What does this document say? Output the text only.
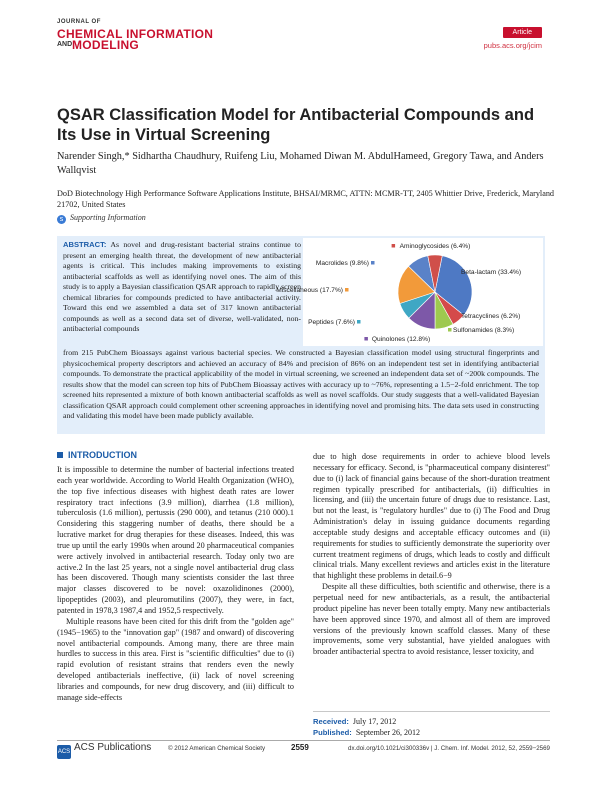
JOURNAL OF
CHEMICAL INFORMATION
AND MODELING
Article
pubs.acs.org/jcim
QSAR Classification Model for Antibacterial Compounds and Its Use in Virtual Screening
Narender Singh,* Sidhartha Chaudhury, Ruifeng Liu, Mohamed Diwan M. AbdulHameed, Gregory Tawa, and Anders Wallqvist
DoD Biotechnology High Performance Software Applications Institute, BHSAI/MRMC, ATTN: MCMR-TT, 2405 Whittier Drive, Frederick, Maryland 21702, United States
s Supporting Information
ABSTRACT: As novel and drug-resistant bacterial strains continue to present an emerging health threat, the development of new antibacterial agents is critical. This includes making improvements to existing antibacterial scaffolds as well as identifying novel ones. The aim of this study is to apply a Bayesian classification QSAR approach to rapidly screen chemical libraries for compounds predicted to have antibacterial activity. Toward this end we assembled a data set of 317 known antibacterial compounds as well as a second data set of diverse, well-validated, non-antibacterial compounds
from 215 PubChem Bioassays against various bacterial species. We constructed a Bayesian classification model using structural fingerprints and physicochemical property descriptors and achieved an accuracy of 84% and precision of 86% on an independent test set in identifying antibacterial compounds. To demonstrate the practical applicability of the model in virtual screening, we screened an independent data set of ~200k compounds. The results show that the model can screen top hits of PubChem Bioassay actives with accuracy up to ~76%, representing a 1.5−2-fold enrichment. The top screened hits represented a mixture of both known antibacterial scaffolds as well as novel scaffolds. Our study suggests that a well-validated Bayesian classification QSAR approach could complement other screening approaches in identifying novel and promising hits. The data sets used in constructing and validating this model have been made publicly available.
Beta-lactam (33.4%)
Tetracyclines (6.2%)
Sulfonamides (8.3%)
Quinolones (12.8%)
Peptides (7.6%)
Miscellaneous (17.7%)
Macrolides (9.8%)
Aminoglycosides (6.4%)
INTRODUCTION

It is impossible to determine the number of bacterial infections treated each year worldwide. According to World Health Organization (WHO), the top five infectious diseases with highest death rates are lower respiratory tract infections (3.9 million), diarrhea (1.8 million), tuberculosis (1.6 million), pertussis (290 000), and tetanus (210 000).1 Considering this staggering number of deaths, there should be a lucrative market for drug therapies for these diseases. Indeed, this was true up until the early 1990s when around 20 pharmaceutical companies were actively involved in antibacterial research. Today only two are active.2 In the last 25 years, not a single novel antibacterial drug class has been discovered. Though many scientists consider the last three major classes discovered to be novel: oxazolidinones (2000), lipopeptides (2003), and pleuromutilins (2007), they were, in fact, patented in 1978,3 1987,4 and 1952,5 respectively.

Multiple reasons have been cited for this drift from the "golden age" (1945−1965) to the "innovation gap" (1987 and onward) of discovering novel antibacterial compounds. Among many, there are three main hurdles to success in this area. First is "scientific difficulties" due to (i) rapid evolution of resistant strains that renders even the newly developed antibacterials ineffective, (ii) lack of novel screening libraries and compounds, for new drug discovery, and (iii) difficult to manage side-effects

due to high dose requirements in order to achieve blood levels necessary for efficacy. Second, is "pharmaceutical company disinterest" due to (i) lack of financial gains because of the short-duration treatment regimen typically prescribed for antibacterials, (ii) difficulties in licensing, and (iii) the uncertain future of drugs due to resistance. Last, but not the least, is "regulatory hurdles" due to (i) The Food and Drug Administration's delay in issuing guidance documents regarding acceptable study designs and acceptable efficacy outcomes and (ii) requirements for studies to sufficiently demonstrate the superiority over current treatment regimens of drugs, which leads to costly and difficult clinical trials. Many excellent reviews and articles exist in the literature that highlight these problems in detail.6−9

Despite all these difficulties, both scientific and otherwise, there is a perpetual need for new antibacterials, as a result, the antibacterial product pipeline has never been totally empty. Many new antibacterials have been approved since 1970, and almost all of them are improved versions of the previously known scaffold classes. Many of these improvements, some very substantial, have yielded analogues with broader antibacterial spectra to avoid resistance, lesser toxicity, and

Received: July 17, 2012
Published: September 26, 2012
ACS ACS Publications	© 2012 American Chemical Society	2559	dx.doi.org/10.1021/ci300336v | J. Chem. Inf. Model. 2012, 52, 2559−2569
